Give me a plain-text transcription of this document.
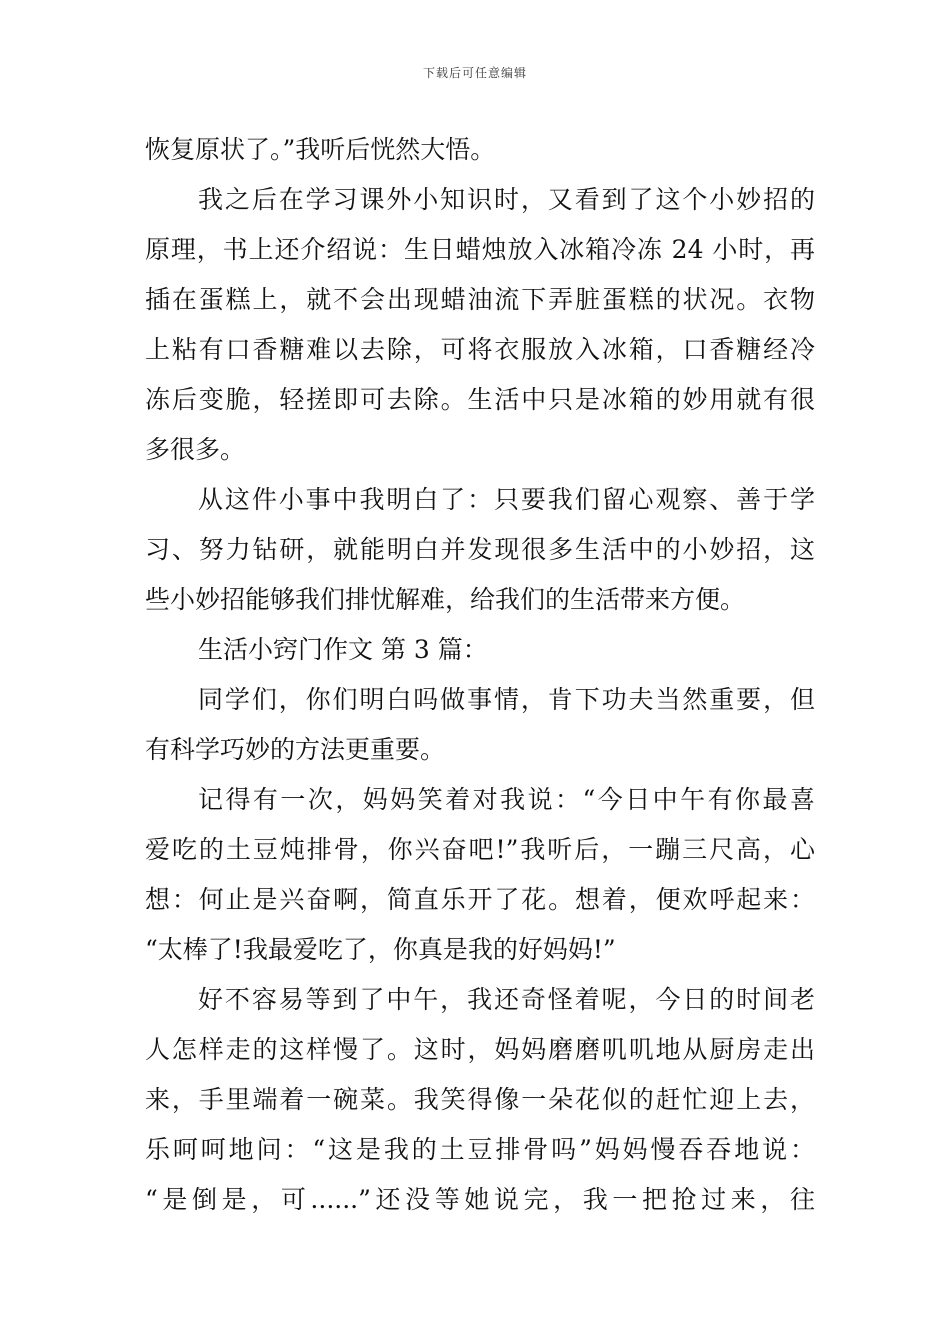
下载后可任意编辑
恢复原状了。”我听后恍然大悟。
我之后在学习课外小知识时，又看到了这个小妙招的
原理，书上还介绍说：生日蜡烛放入冰箱冷冻 24 小时，再
插在蛋糕上，就不会出现蜡油流下弄脏蛋糕的状况。衣物
上粘有口香糖难以去除，可将衣服放入冰箱，口香糖经冷
冻后变脆，轻搓即可去除。生活中只是冰箱的妙用就有很
多很多。
从这件小事中我明白了：只要我们留心观察、善于学
习、努力钻研，就能明白并发现很多生活中的小妙招，这
些小妙招能够我们排忧解难，给我们的生活带来方便。
生活小窍门作文 第 3 篇：
同学们，你们明白吗做事情，肯下功夫当然重要，但
有科学巧妙的方法更重要。
记得有一次，妈妈笑着对我说：“今日中午有你最喜
爱吃的土豆炖排骨，你兴奋吧!”我听后，一蹦三尺高，心
想：何止是兴奋啊，简直乐开了花。想着，便欢呼起来：
“太棒了!我最爱吃了，你真是我的好妈妈!”
好不容易等到了中午，我还奇怪着呢，今日的时间老
人怎样走的这样慢了。这时，妈妈磨磨叽叽地从厨房走出
来，手里端着一碗菜。我笑得像一朵花似的赶忙迎上去，
乐呵呵地问：“这是我的土豆排骨吗”妈妈慢吞吞地说：
“是倒是，可......”还没等她说完，我一把抢过来，往
